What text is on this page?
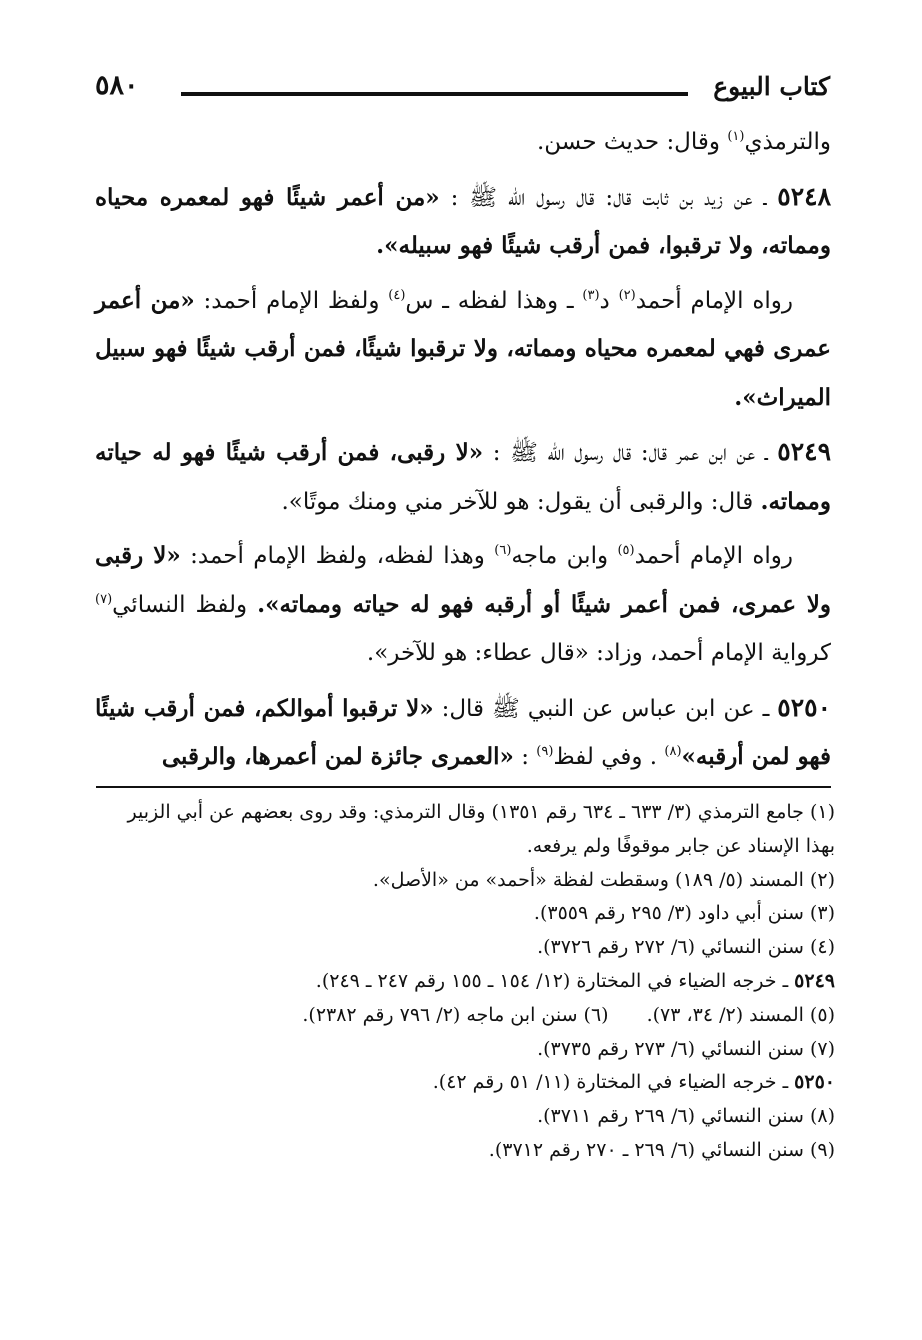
كتاب البيوع
٥٨٠

والترمذي$^{(١)}$ وقال: حديث حسن.

٥٢٤٨ ـ عن زيد بن ثابت قال: قال رسول الله ﷺ : «من أعمر شيئًا فهو لمعمره محياه ومماته، ولا ترقبوا، فمن أرقب شيئًا فهو سبيله».

رواه الإمام أحمد$^{(٢)}$ د$^{(٣)}$ ـ وهذا لفظه ـ س$^{(٤)}$ ولفظ الإمام أحمد: «من أعمر عمرى فهي لمعمره محياه ومماته، ولا ترقبوا شيئًا، فمن أرقب شيئًا فهو سبيل الميراث».

٥٢٤٩ ـ عن ابن عمر قال: قال رسول الله ﷺ : «لا رقبى، فمن أرقب شيئًا فهو له حياته ومماته. قال: والرقبى أن يقول: هو للآخر مني ومنك موتًا».

رواه الإمام أحمد$^{(٥)}$ وابن ماجه$^{(٦)}$ وهذا لفظه، ولفظ الإمام أحمد: «لا رقبى ولا عمرى، فمن أعمر شيئًا أو أرقبه فهو له حياته ومماته». ولفظ النسائي$^{(٧)}$ كرواية الإمام أحمد، وزاد: «قال عطاء: هو للآخر».

٥٢٥٠ ـ عن ابن عباس عن النبي ﷺ قال: «لا ترقبوا أموالكم، فمن أرقب شيئًا فهو لمن أرقبه»$^{(٨)}$ . وفي لفظ$^{(٩)}$ : «العمرى جائزة لمن أعمرها، والرقبى

(١) جامع الترمذي (٣/ ٦٣٣ ـ ٦٣٤ رقم ١٣٥١) وقال الترمذي: وقد روى بعضهم عن أبي الزبير بهذا الإسناد عن جابر موقوفًا ولم يرفعه.

(٢) المسند (٥/ ١٨٩) وسقطت لفظة «أحمد» من «الأصل».

(٣) سنن أبي داود (٣/ ٢٩٥ رقم ٣٥٥٩).

(٤) سنن النسائي (٦/ ٢٧٢ رقم ٣٧٢٦).

٥٢٤٩ ـ خرجه الضياء في المختارة (١٢/ ١٥٤ ـ ١٥٥ رقم ٢٤٧ ـ ٢٤٩).

(٥) المسند (٢/ ٣٤، ٧٣).
(٦) سنن ابن ماجه (٢/ ٧٩٦ رقم ٢٣٨٢).

(٧) سنن النسائي (٦/ ٢٧٣ رقم ٣٧٣٥).

٥٢٥٠ ـ خرجه الضياء في المختارة (١١/ ٥١ رقم ٤٢).

(٨) سنن النسائي (٦/ ٢٦٩ رقم ٣٧١١).

(٩) سنن النسائي (٦/ ٢٦٩ ـ ٢٧٠ رقم ٣٧١٢).
